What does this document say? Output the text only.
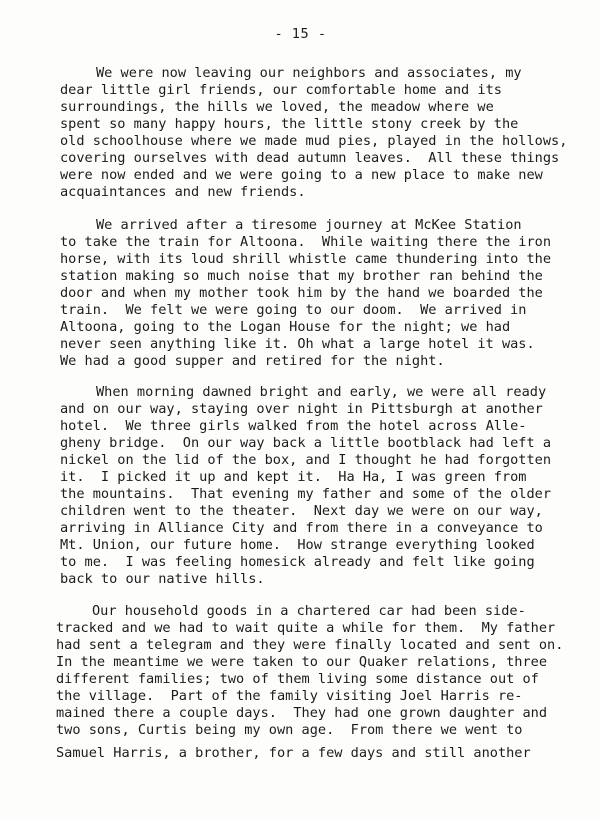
- 15 -
We were now leaving our neighbors and associates, my
dear little girl friends, our comfortable home and its
surroundings, the hills we loved, the meadow where we
spent so many happy hours, the little stony creek by the
old schoolhouse where we made mud pies, played in the hollows,
covering ourselves with dead autumn leaves.  All these things
were now ended and we were going to a new place to make new
acquaintances and new friends.
We arrived after a tiresome journey at McKee Station
to take the train for Altoona.  While waiting there the iron
horse, with its loud shrill whistle came thundering into the
station making so much noise that my brother ran behind the
door and when my mother took him by the hand we boarded the
train.  We felt we were going to our doom.  We arrived in
Altoona, going to the Logan House for the night; we had
never seen anything like it. Oh what a large hotel it was.
We had a good supper and retired for the night.
When morning dawned bright and early, we were all ready
and on our way, staying over night in Pittsburgh at another
hotel.  We three girls walked from the hotel across Alle-
gheny bridge.  On our way back a little bootblack had left a
nickel on the lid of the box, and I thought he had forgotten
it.  I picked it up and kept it.  Ha Ha, I was green from
the mountains.  That evening my father and some of the older
children went to the theater.  Next day we were on our way,
arriving in Alliance City and from there in a conveyance to
Mt. Union, our future home.  How strange everything looked
to me.  I was feeling homesick already and felt like going
back to our native hills.
Our household goods in a chartered car had been side-
tracked and we had to wait quite a while for them.  My father
had sent a telegram and they were finally located and sent on.
In the meantime we were taken to our Quaker relations, three
different families; two of them living some distance out of
the village.  Part of the family visiting Joel Harris re-
mained there a couple days.  They had one grown daughter and
two sons, Curtis being my own age.  From there we went to
Samuel Harris, a brother, for a few days and still another
